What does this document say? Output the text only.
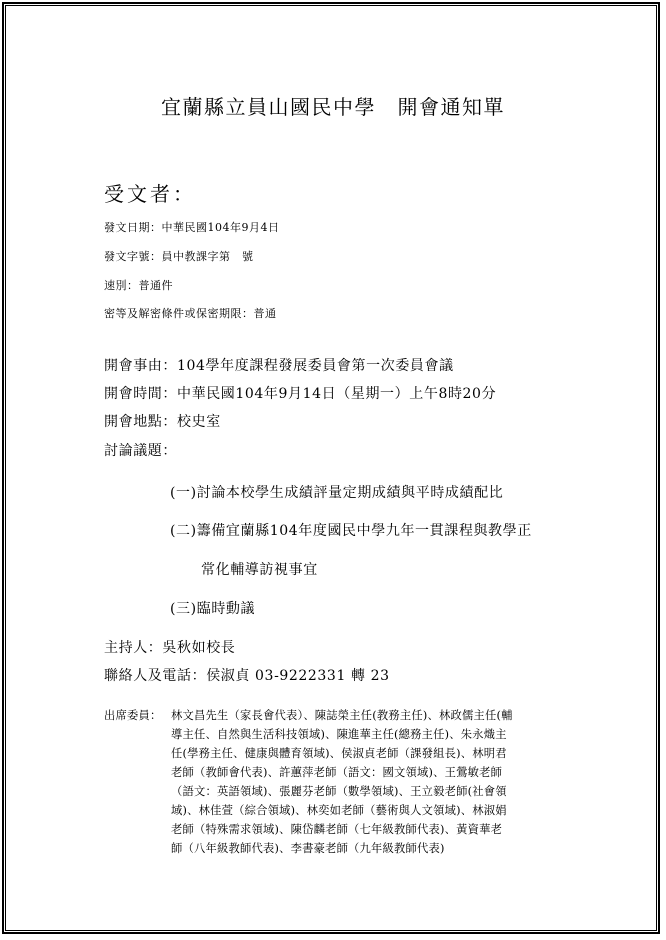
宜蘭縣立員山國民中學　開會通知單
受文者：
發文日期：中華民國104年9月4日
發文字號：員中教課字第　號
速別：普通件
密等及解密條件或保密期限：普通
開會事由：104學年度課程發展委員會第一次委員會議
開會時間：中華民國104年9月14日（星期一）上午8時20分
開會地點：校史室
討論議題：
(一)討論本校學生成績評量定期成績與平時成績配比
(二)籌備宜蘭縣104年度國民中學九年一貫課程與教學正
常化輔導訪視事宜
(三)臨時動議
主持人：吳秋如校長
聯絡人及電話：侯淑貞 03-9222331 轉 23
出席委員： 林文昌先生（家長會代表）、陳誌榮主任(教務主任)、林政儒主任(輔
導主任、自然與生活科技領域)、陳進華主任(總務主任)、朱永熾主
任(學務主任、健康與體育領域)、侯淑貞老師（課發組長)、林明君
老師（教師會代表)、許蕙萍老師（語文：國文領域)、王鶯敏老師
（語文：英語領域)、張麗芬老師（數學領域)、王立毅老師(社會領
域)、林佳萱（綜合領域)、林奕如老師（藝術與人文領域)、林淑娟
老師（特殊需求領域)、陳岱麟老師（七年級教師代表)、黃資華老
師（八年級教師代表)、李書豪老師（九年級教師代表)
